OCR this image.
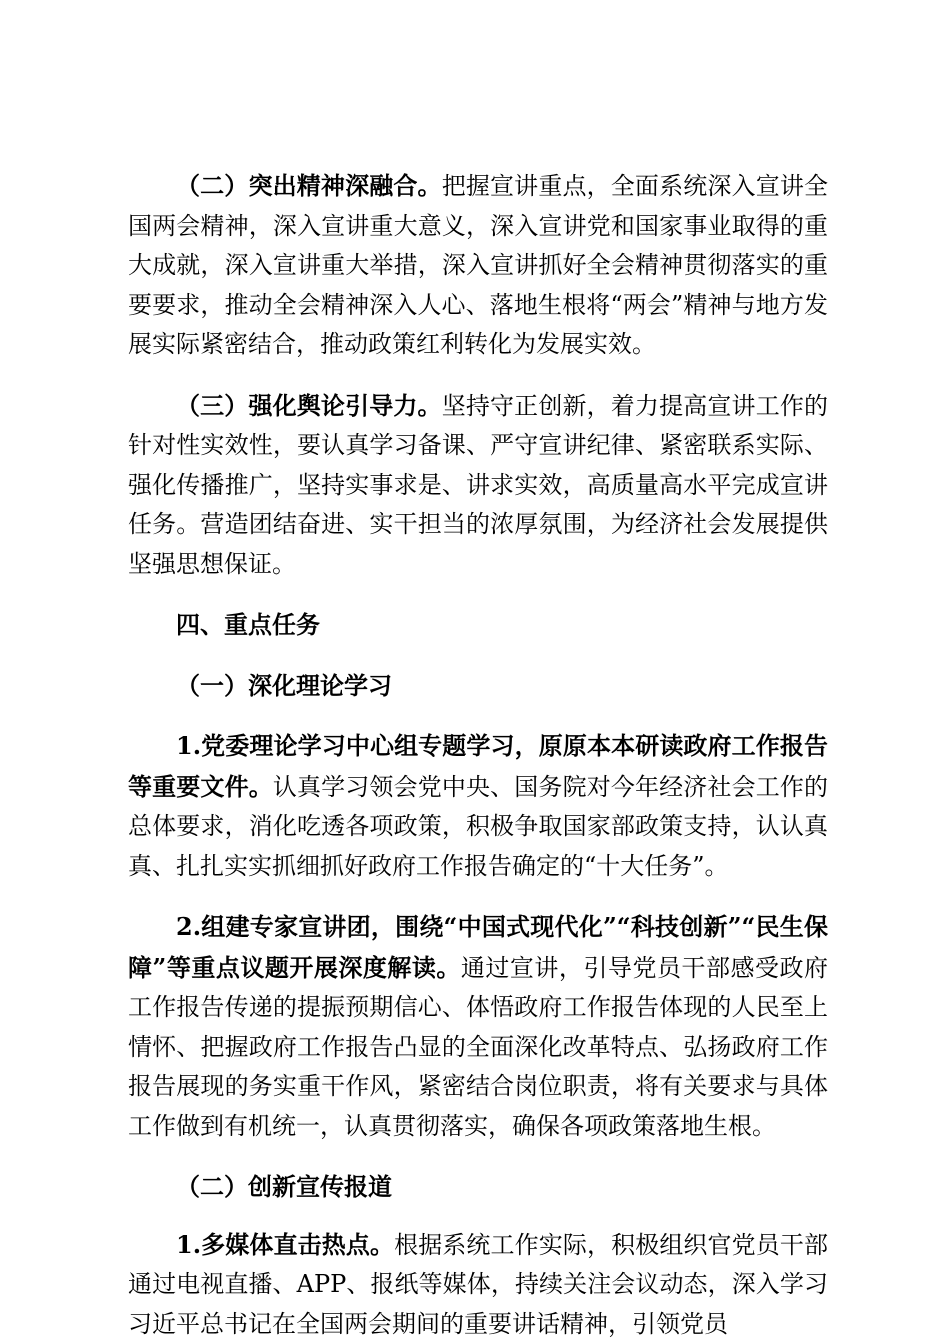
（二）突出精神深融合。把握宣讲重点，全面系统深入宣讲全国两会精神，深入宣讲重大意义，深入宣讲党和国家事业取得的重大成就，深入宣讲重大举措，深入宣讲抓好全会精神贯彻落实的重要要求，推动全会精神深入人心、落地生根将“两会”精神与地方发展实际紧密结合，推动政策红利转化为发展实效。

（三）强化舆论引导力。坚持守正创新，着力提高宣讲工作的针对性实效性，要认真学习备课、严守宣讲纪律、紧密联系实际、强化传播推广，坚持实事求是、讲求实效，高质量高水平完成宣讲任务。营造团结奋进、实干担当的浓厚氛围，为经济社会发展提供坚强思想保证。

四、重点任务

（一）深化理论学习

1.党委理论学习中心组专题学习，原原本本研读政府工作报告等重要文件。认真学习领会党中央、国务院对今年经济社会工作的总体要求，消化吃透各项政策，积极争取国家部政策支持，认认真真、扎扎实实抓细抓好政府工作报告确定的“十大任务”。

2.组建专家宣讲团，围绕“中国式现代化”“科技创新”“民生保障”等重点议题开展深度解读。通过宣讲，引导党员干部感受政府工作报告传递的提振预期信心、体悟政府工作报告体现的人民至上情怀、把握政府工作报告凸显的全面深化改革特点、弘扬政府工作报告展现的务实重干作风，紧密结合岗位职责，将有关要求与具体工作做到有机统一，认真贯彻落实，确保各项政策落地生根。

（二）创新宣传报道

1.多媒体直击热点。根据系统工作实际，积极组织官党员干部通过电视直播、APP、报纸等媒体，持续关注会议动态，深入学习习近平总书记在全国两会期间的重要讲话精神，引领党员
